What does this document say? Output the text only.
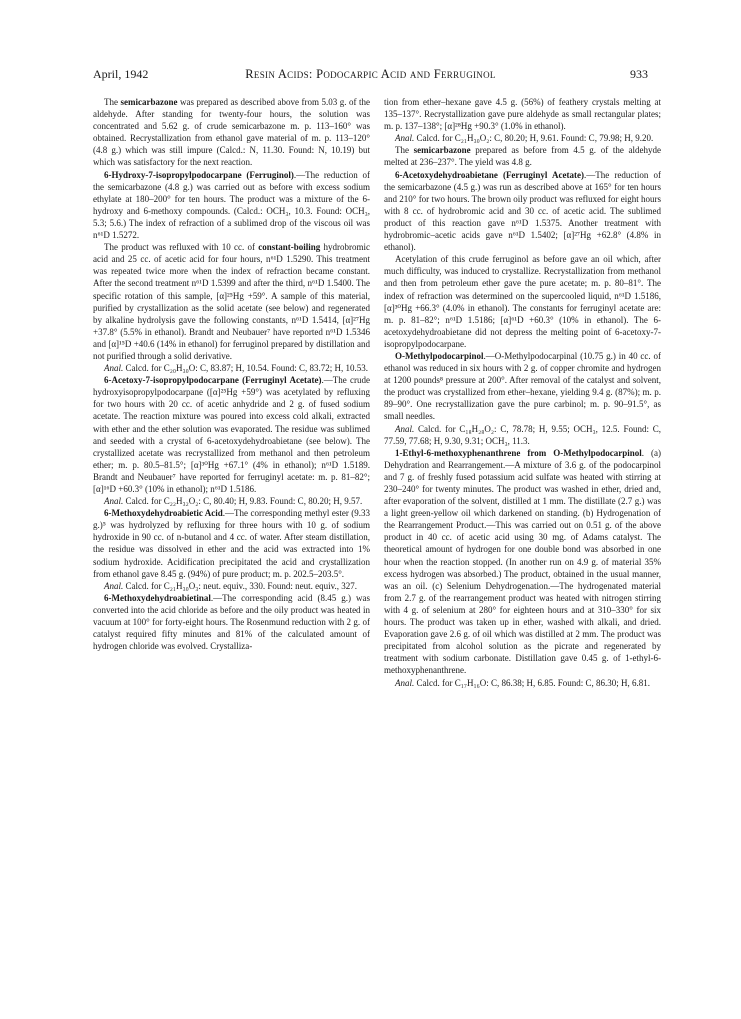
April, 1942	Resin Acids: Podocarpic Acid and Ferruginol	933

The semicarbazone was prepared as described above from 5.03 g. of the aldehyde. After standing for twenty-four hours, the solution was concentrated and 5.62 g. of crude semicarbazone m. p. 113–160° was obtained. Recrystallization from ethanol gave material of m. p. 113–120° (4.8 g.) which was still impure (Calcd.: N, 11.30. Found: N, 10.19) but which was satisfactory for the next reaction.

6-Hydroxy-7-isopropylpodocarpane (Ferruginol).—The reduction of the semicarbazone (4.8 g.) was carried out as before with excess sodium ethylate at 180–200° for ten hours. The product was a mixture of the 6-hydroxy and 6-methoxy compounds. (Calcd.: OCH₃, 10.3. Found: OCH₃, 5.3; 5.6.) The index of refraction of a sublimed drop of the viscous oil was n⁶¹D 1.5272.

The product was refluxed with 10 cc. of constant-boiling hydrobromic acid and 25 cc. of acetic acid for four hours, n⁶¹D 1.5290. This treatment was repeated twice more when the index of refraction became constant. After the second treatment n⁶¹D 1.5399 and after the third, n⁶¹D 1.5400. The specific rotation of this sample, [α]²⁵Hg +59°. A sample of this material, purified by crystallization as the solid acetate (see below) and regenerated by alkaline hydrolysis gave the following constants, n⁶¹D 1.5414, [α]²⁷Hg +37.8° (5.5% in ethanol). Brandt and Neubauer⁷ have reported n⁶¹D 1.5346 and [α]¹⁵D +40.6 (14% in ethanol) for ferruginol prepared by distillation and not purified through a solid derivative.

Anal. Calcd. for C₂₀H₃₀O: C, 83.87; H, 10.54. Found: C, 83.72; H, 10.53.

6-Acetoxy-7-isopropylpodocarpane (Ferruginyl Acetate).—The crude hydroxyisopropylpodocarpane ([α]²⁵Hg +59°) was acetylated by refluxing for two hours with 20 cc. of acetic anhydride and 2 g. of fused sodium acetate. The reaction mixture was poured into excess cold alkali, extracted with ether and the ether solution was evaporated. The residue was sublimed and seeded with a crystal of 6-acetoxydehydroabietane (see below). The crystallized acetate was recrystallized from methanol and then petroleum ether; m. p. 80.5–81.5°; [α]³⁰Hg +67.1° (4% in ethanol); n⁶¹D 1.5189. Brandt and Neubauer⁷ have reported for ferruginyl acetate: m. p. 81–82°; [α]¹⁶D +60.3° (10% in ethanol); n⁶¹D 1.5186.

Anal. Calcd. for C₂₂H₃₂O₂: C, 80.40; H, 9.83. Found: C, 80.20; H, 9.57.

6-Methoxydehydroabietic Acid.—The corresponding methyl ester (9.33 g.)⁵ was hydrolyzed by refluxing for three hours with 10 g. of sodium hydroxide in 90 cc. of n-butanol and 4 cc. of water. After steam distillation, the residue was dissolved in ether and the acid was extracted into 1% sodium hydroxide. Acidification precipitated the acid and crystallization from ethanol gave 8.45 g. (94%) of pure product; m. p. 202.5–203.5°.

Anal. Calcd. for C₂₁H₃₀O₃: neut. equiv., 330. Found: neut. equiv., 327.

6-Methoxydehydroabietinal.—The corresponding acid (8.45 g.) was converted into the acid chloride as before and the oily product was heated in vacuum at 100° for forty-eight hours. The Rosenmund reduction with 2 g. of catalyst required fifty minutes and 81% of the calculated amount of hydrogen chloride was evolved. Crystalliza-

tion from ether–hexane gave 4.5 g. (56%) of feathery crystals melting at 135–137°. Recrystallization gave pure aldehyde as small rectangular plates; m. p. 137–138°; [α]²⁸Hg +90.3° (1.0% in ethanol).

Anal. Calcd. for C₂₁H₃₀O₂: C, 80.20; H, 9.61. Found: C, 79.98; H, 9.20.

The semicarbazone prepared as before from 4.5 g. of the aldehyde melted at 236–237°. The yield was 4.8 g.

6-Acetoxydehydroabietane (Ferruginyl Acetate).—The reduction of the semicarbazone (4.5 g.) was run as described above at 165° for ten hours and 210° for two hours. The brown oily product was refluxed for eight hours with 8 cc. of hydrobromic acid and 30 cc. of acetic acid. The sublimed product of this reaction gave n⁶¹D 1.5375. Another treatment with hydrobromic–acetic acids gave n⁶¹D 1.5402; [α]²⁷Hg +62.8° (4.8% in ethanol).

Acetylation of this crude ferruginol as before gave an oil which, after much difficulty, was induced to crystallize. Recrystallization from methanol and then from petroleum ether gave the pure acetate; m. p. 80–81°. The index of refraction was determined on the supercooled liquid, n⁶¹D 1.5186, [α]³⁰Hg +66.3° (4.0% in ethanol). The constants for ferruginyl acetate are: m. p. 81–82°; n⁶¹D 1.5186; [α]⁶¹D +60.3° (10% in ethanol). The 6-acetoxydehydroabietane did not depress the melting point of 6-acetoxy-7-isopropylpodocarpane.

O-Methylpodocarpinol.—O-Methylpodocarpinal (10.75 g.) in 40 cc. of ethanol was reduced in six hours with 2 g. of copper chromite and hydrogen at 1200 pounds⁸ pressure at 200°. After removal of the catalyst and solvent, the product was crystallized from ether–hexane, yielding 9.4 g. (87%); m. p. 89–90°. One recrystallization gave the pure carbinol; m. p. 90–91.5°, as small needles.

Anal. Calcd. for C₁₈H₂₈O₂: C, 78.78; H, 9.55; OCH₃, 12.5. Found: C, 77.59, 77.68; H, 9.30, 9.31; OCH₃, 11.3.

1-Ethyl-6-methoxyphenanthrene from O-Methylpodocarpinol. (a) Dehydration and Rearrangement.—A mixture of 3.6 g. of the podocarpinol and 7 g. of freshly fused potassium acid sulfate was heated with stirring at 230–240° for twenty minutes. The product was washed in ether, dried and, after evaporation of the solvent, distilled at 1 mm. The distillate (2.7 g.) was a light green-yellow oil which darkened on standing. (b) Hydrogenation of the Rearrangement Product.—This was carried out on 0.51 g. of the above product in 40 cc. of acetic acid using 30 mg. of Adams catalyst. The theoretical amount of hydrogen for one double bond was absorbed in one hour when the reaction stopped. (In another run on 4.9 g. of material 35% excess hydrogen was absorbed.) The product, obtained in the usual manner, was an oil. (c) Selenium Dehydrogenation.—The hydrogenated material from 2.7 g. of the rearrangement product was heated with nitrogen stirring with 4 g. of selenium at 280° for eighteen hours and at 310–330° for six hours. The product was taken up in ether, washed with alkali, and dried. Evaporation gave 2.6 g. of oil which was distilled at 2 mm. The product was precipitated from alcohol solution as the picrate and regenerated by treatment with sodium carbonate. Distillation gave 0.45 g. of 1-ethyl-6-methoxyphenanthrene.

Anal. Calcd. for C₁₇H₁₆O: C, 86.38; H, 6.85. Found: C, 86.30; H, 6.81.
